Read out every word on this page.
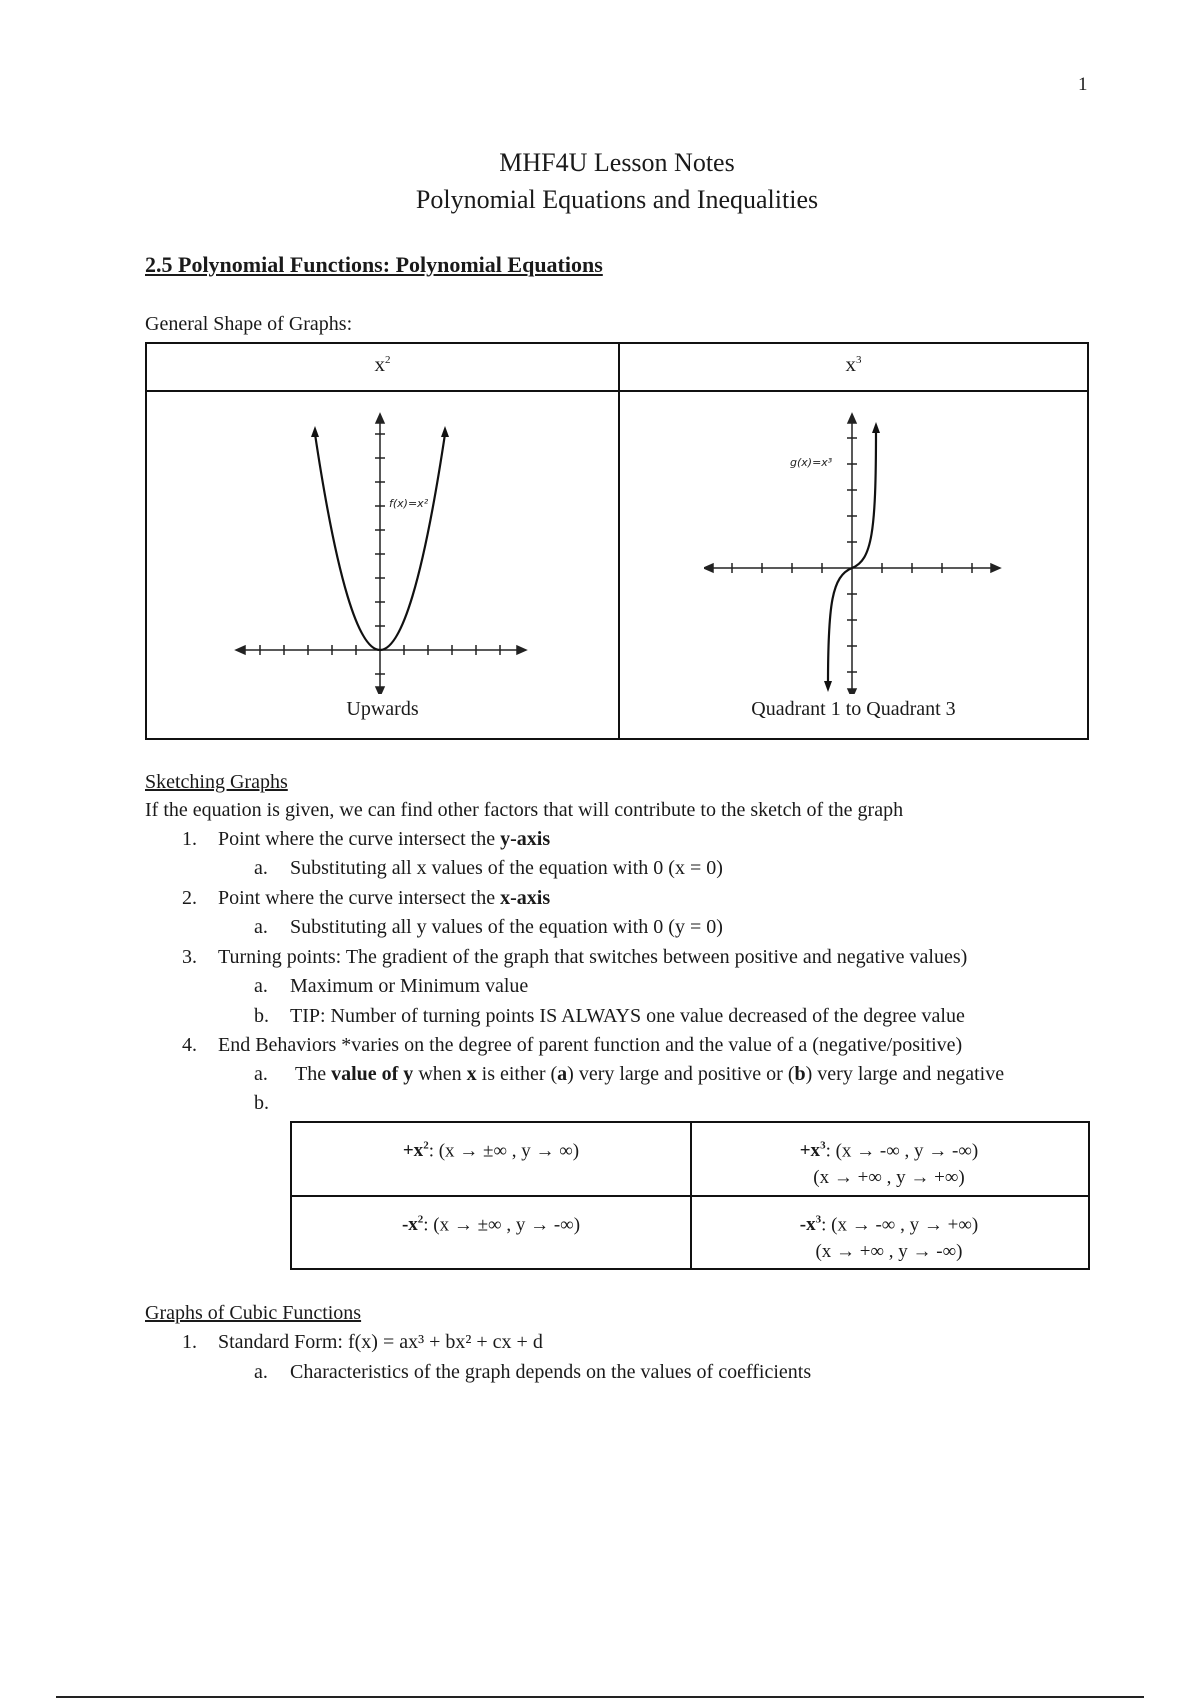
1
MHF4U Lesson Notes
Polynomial Equations and Inequalities
2.5 Polynomial Functions: Polynomial Equations
General Shape of Graphs:
$x^2$	$x^3$
f(x)=x²
g(x)=x³
Upwards	Quadrant 1 to Quadrant 3
Sketching Graphs
If the equation is given, we can find other factors that will contribute to the sketch of the graph
1. Point where the curve intersect the y-axis
a. Substituting all x values of the equation with 0 (x = 0)
2. Point where the curve intersect the x-axis
a. Substituting all y values of the equation with 0 (y = 0)
3. Turning points: The gradient of the graph that switches between positive and negative values)
a. Maximum or Minimum value
b. TIP: Number of turning points IS ALWAYS one value decreased of the degree value
4. End Behaviors *varies on the degree of parent function and the value of a (negative/positive)
a. The value of y when x is either (a) very large and positive or (b) very large and negative
b.
$+x^2$: (x → ±∞ , y → ∞)	$+x^3$: (x → -∞ , y → -∞)
(x → +∞ , y → +∞)
$-x^2$: (x → ±∞ , y → -∞)	$-x^3$: (x → -∞ , y → +∞)
(x → +∞ , y → -∞)
Graphs of Cubic Functions
1. Standard Form: f(x) = ax³ + bx² + cx + d
a. Characteristics of the graph depends on the values of coefficients
